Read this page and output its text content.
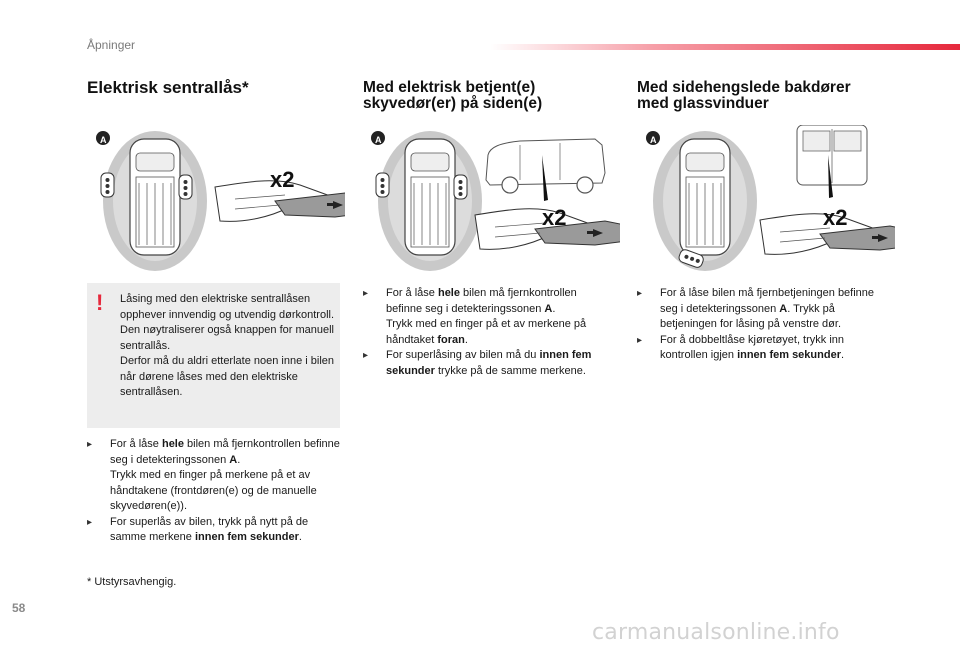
Åpninger
Elektrisk sentrallås*	Med elektrisk betjent(e)
skyvedør(er) på siden(e)
Med sidehengslede bakdører
med glassvinduer
A
x2
A
x2
A
x2
! Låsing med den elektriske sentrallåsen opphever innvendig og utvendig dørkontroll.
Den nøytraliserer også knappen for manuell sentrallås.
Derfor må du aldri etterlate noen inne i bilen når dørene låses med den elektriske sentrallåsen.
▸ For å låse hele bilen må fjernkontrollen befinne seg i detekteringssonen A.
Trykk med en finger på merkene på et av håndtakene (frontdøren(e) og de manuelle skyvedøren(e)).
▸ For superlås av bilen, trykk på nytt på de samme merkene innen fem sekunder.
▸ For å låse hele bilen må fjernkontrollen befinne seg i detekteringssonen A.
Trykk med en finger på et av merkene på håndtaket foran.
▸ For superlåsing av bilen må du innen fem sekunder trykke på de samme merkene.
▸ For å låse bilen må fjernbetjeningen befinne seg i detekteringssonen A. Trykk på betjeningen for låsing på venstre dør.
▸ For å dobbeltlåse kjøretøyet, trykk inn kontrollen igjen innen fem sekunder.
* Utstyrsavhengig.
58
carmanualsonline.info
